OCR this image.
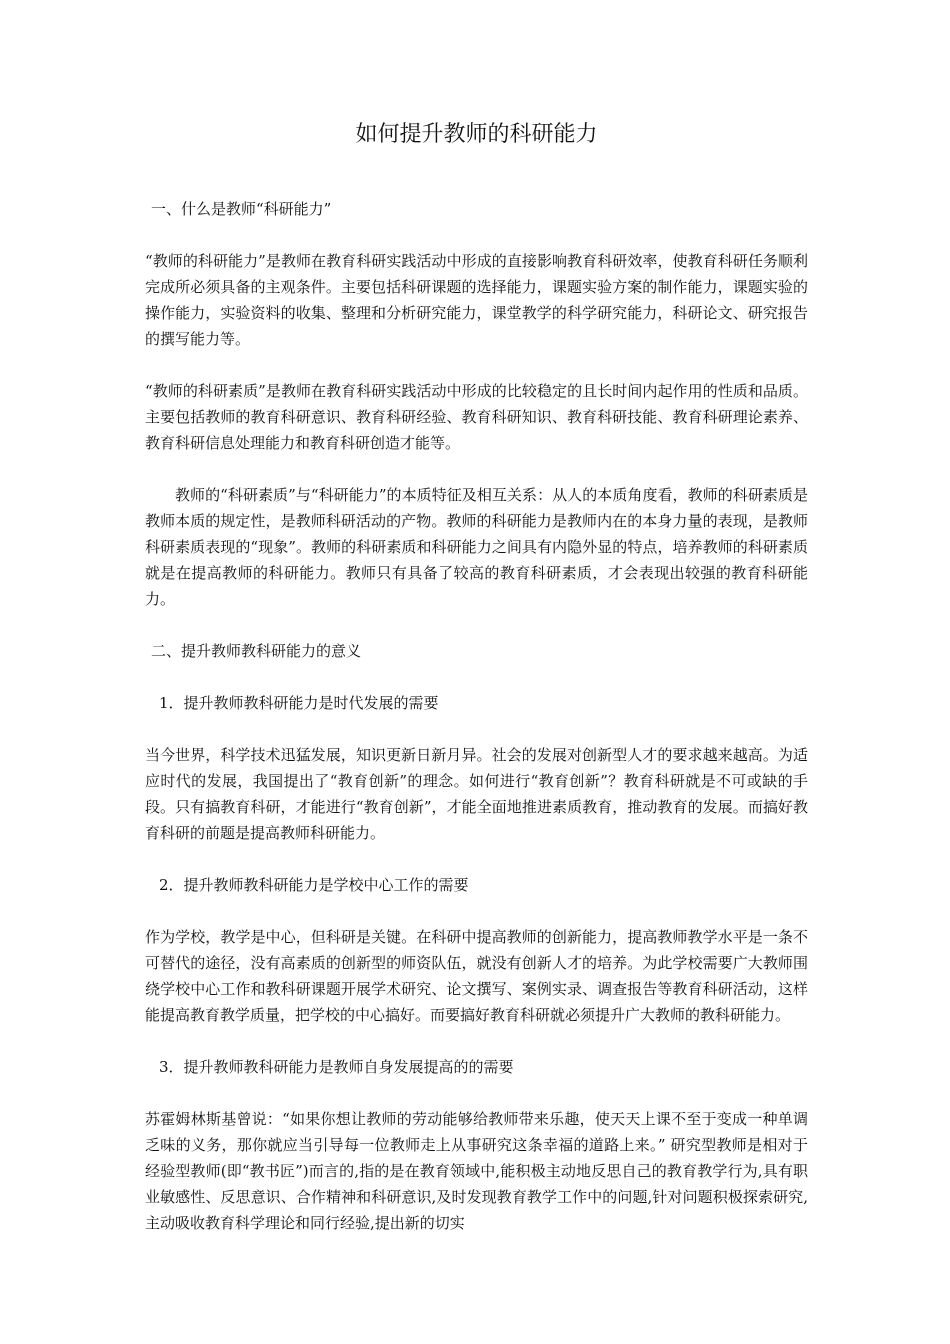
如何提升教师的科研能力
一、什么是教师“科研能力”

“教师的科研能力”是教师在教育科研实践活动中形成的直接影响教育科研效率，使教育科研任务顺利完成所必须具备的主观条件。主要包括科研课题的选择能力，课题实验方案的制作能力，课题实验的操作能力，实验资料的收集、整理和分析研究能力，课堂教学的科学研究能力，科研论文、研究报告的撰写能力等。

“教师的科研素质”是教师在教育科研实践活动中形成的比较稳定的且长时间内起作用的性质和品质。主要包括教师的教育科研意识、教育科研经验、教育科研知识、教育科研技能、教育科研理论素养、教育科研信息处理能力和教育科研创造才能等。

教师的“科研素质”与“科研能力”的本质特征及相互关系：从人的本质角度看，教师的科研素质是教师本质的规定性，是教师科研活动的产物。教师的科研能力是教师内在的本身力量的表现，是教师科研素质表现的“现象”。教师的科研素质和科研能力之间具有内隐外显的特点，培养教师的科研素质就是在提高教师的科研能力。教师只有具备了较高的教育科研素质，才会表现出较强的教育科研能力。

二、提升教师教科研能力的意义
1．提升教师教科研能力是时代发展的需要

当今世界，科学技术迅猛发展，知识更新日新月异。社会的发展对创新型人才的要求越来越高。为适应时代的发展，我国提出了“教育创新”的理念。如何进行“教育创新”？教育科研就是不可或缺的手段。只有搞教育科研，才能进行“教育创新”，才能全面地推进素质教育，推动教育的发展。而搞好教育科研的前题是提高教师科研能力。

2．提升教师教科研能力是学校中心工作的需要

作为学校，教学是中心，但科研是关键。在科研中提高教师的创新能力，提高教师教学水平是一条不可替代的途径，没有高素质的创新型的师资队伍，就没有创新人才的培养。为此学校需要广大教师围绕学校中心工作和教科研课题开展学术研究、论文撰写、案例实录、调查报告等教育科研活动，这样能提高教育教学质量，把学校的中心搞好。而要搞好教育科研就必须提升广大教师的教科研能力。

3．提升教师教科研能力是教师自身发展提高的的需要

苏霍姆林斯基曾说：“如果你想让教师的劳动能够给教师带来乐趣，使天天上课不至于变成一种单调乏味的义务，那你就应当引导每一位教师走上从事研究这条幸福的道路上来。” 研究型教师是相对于经验型教师(即“教书匠”)而言的,指的是在教育领域中,能积极主动地反思自己的教育教学行为,具有职业敏感性、反思意识、合作精神和科研意识,及时发现教育教学工作中的问题,针对问题积极探索研究,主动吸收教育科学理论和同行经验,提出新的切实
